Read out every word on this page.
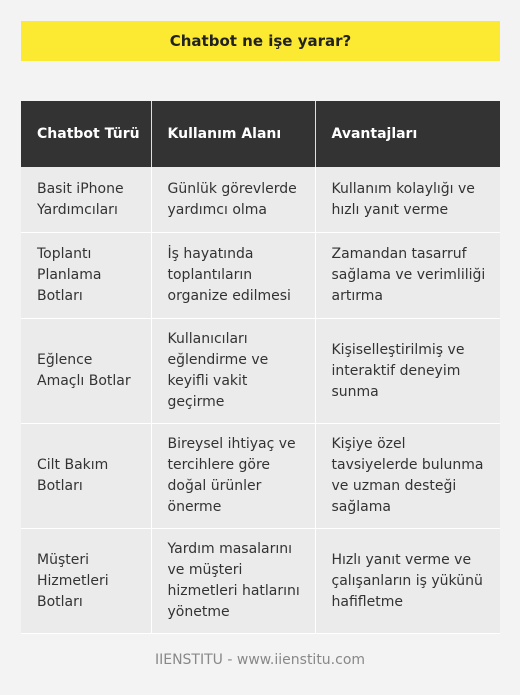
Chatbot ne işe yarar?
Chatbot Türü	Kullanım Alanı	Avantajları
Basit iPhone Yardımcıları	Günlük görevlerde yardımcı olma	Kullanım kolaylığı ve hızlı yanıt verme
Toplantı Planlama Botları	İş hayatında toplantıların organize edilmesi	Zamandan tasarruf sağlama ve verimliliği artırma
Eğlence Amaçlı Botlar	Kullanıcıları eğlendirme ve keyifli vakit geçirme	Kişiselleştirilmiş ve interaktif deneyim sunma
Cilt Bakım Botları	Bireysel ihtiyaç ve tercihlere göre doğal ürünler önerme	Kişiye özel tavsiyelerde bulunma ve uzman desteği sağlama
Müşteri Hizmetleri Botları	Yardım masalarını ve müşteri hizmetleri hatlarını yönetme	Hızlı yanıt verme ve çalışanların iş yükünü hafifletme
IIENSTITU - www.iienstitu.com
